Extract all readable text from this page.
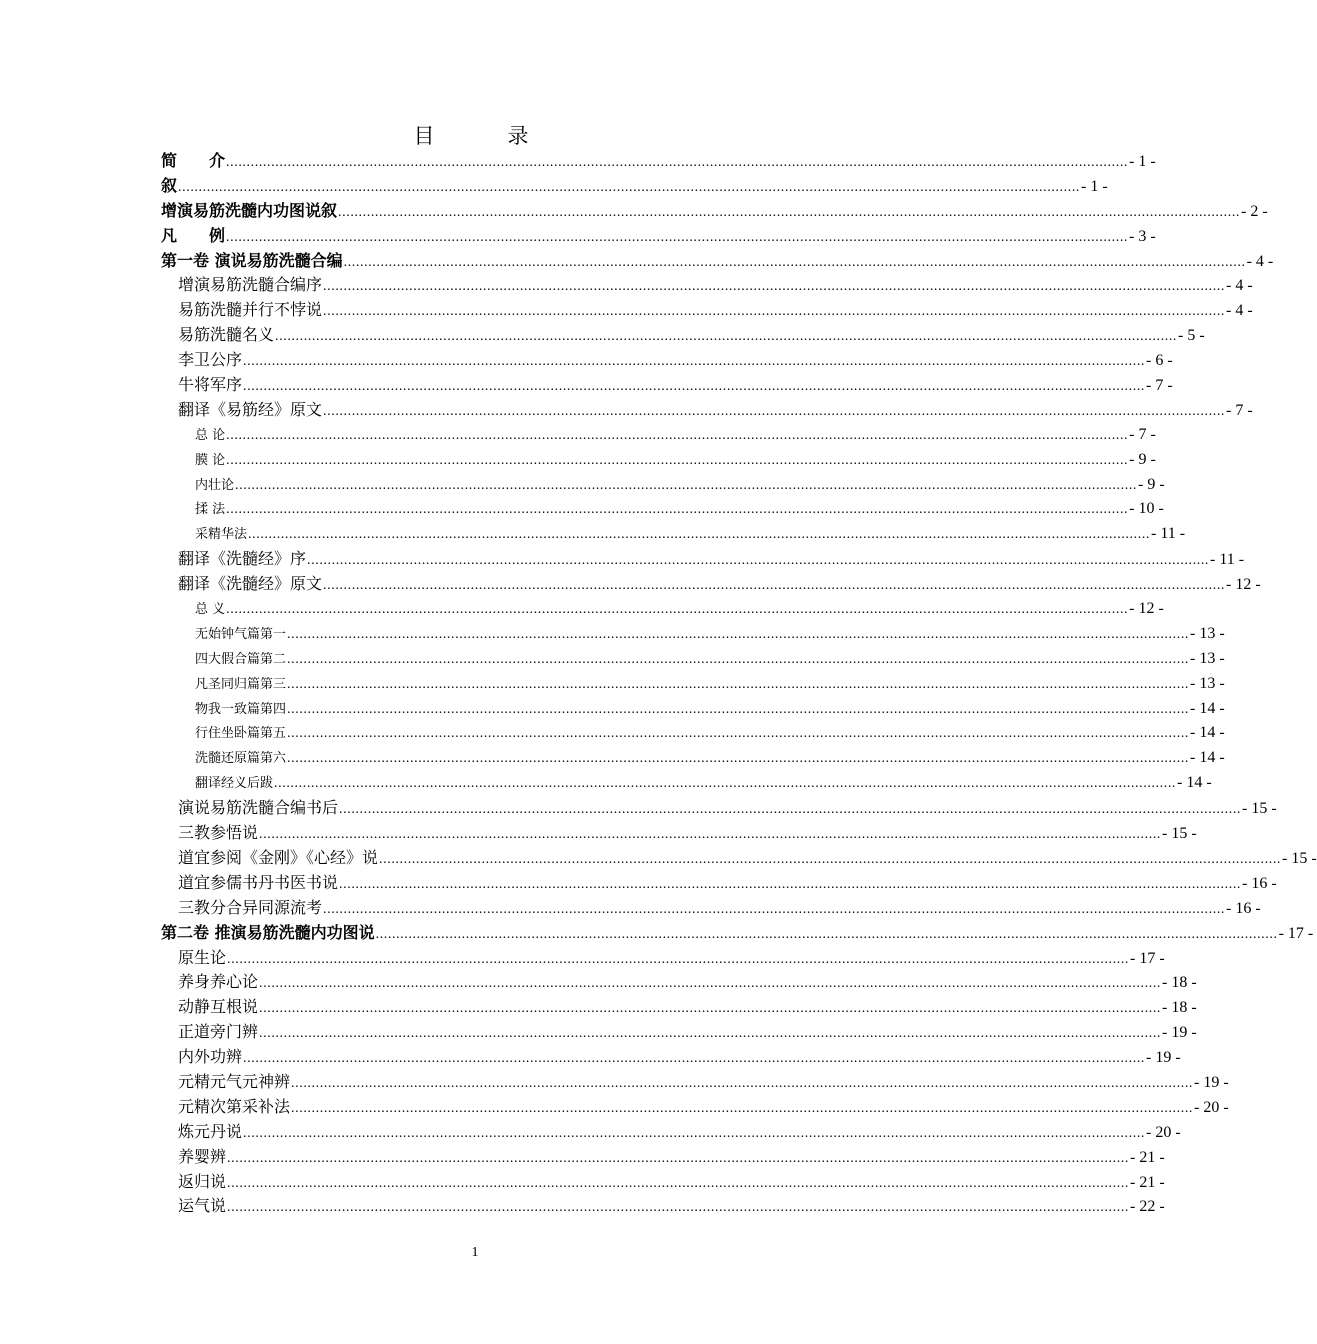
目　录
简　　介 ............................................................................................................................................................................................................................ - 1 -
叙 ............................................................................................................................................................................................................................ - 1 -
增演易筋洗髓内功图说叙 ............................................................................................................................................................................................................................ - 2 -
凡　　例 ............................................................................................................................................................................................................................ - 3 -
第一卷 演说易筋洗髓合编 ............................................................................................................................................................................................................................ - 4 -
增演易筋洗髓合编序 ............................................................................................................................................................................................................................ - 4 -
易筋洗髓并行不悖说 ............................................................................................................................................................................................................................ - 4 -
易筋洗髓名义 ............................................................................................................................................................................................................................ - 5 -
李卫公序 ............................................................................................................................................................................................................................ - 6 -
牛将军序 ............................................................................................................................................................................................................................ - 7 -
翻译《易筋经》原文 ............................................................................................................................................................................................................................ - 7 -
总 论 ............................................................................................................................................................................................................................ - 7 -
膜 论 ............................................................................................................................................................................................................................ - 9 -
内壮论 ............................................................................................................................................................................................................................ - 9 -
揉 法 ............................................................................................................................................................................................................................ - 10 -
采精华法 ............................................................................................................................................................................................................................ - 11 -
翻译《洗髓经》序 ............................................................................................................................................................................................................................ - 11 -
翻译《洗髓经》原文 ............................................................................................................................................................................................................................ - 12 -
总 义 ............................................................................................................................................................................................................................ - 12 -
无始钟气篇第一 ............................................................................................................................................................................................................................ - 13 -
四大假合篇第二 ............................................................................................................................................................................................................................ - 13 -
凡圣同归篇第三 ............................................................................................................................................................................................................................ - 13 -
物我一致篇第四 ............................................................................................................................................................................................................................ - 14 -
行住坐卧篇第五 ............................................................................................................................................................................................................................ - 14 -
洗髓还原篇第六 ............................................................................................................................................................................................................................ - 14 -
翻译经义后跋 ............................................................................................................................................................................................................................ - 14 -
演说易筋洗髓合编书后 ............................................................................................................................................................................................................................ - 15 -
三教参悟说 ............................................................................................................................................................................................................................ - 15 -
道宜参阅《金刚》《心经》说 ............................................................................................................................................................................................................................ - 15 -
道宜参儒书丹书医书说 ............................................................................................................................................................................................................................ - 16 -
三教分合异同源流考 ............................................................................................................................................................................................................................ - 16 -
第二卷 推演易筋洗髓内功图说 ............................................................................................................................................................................................................................ - 17 -
原生论 ............................................................................................................................................................................................................................ - 17 -
养身养心论 ............................................................................................................................................................................................................................ - 18 -
动静互根说 ............................................................................................................................................................................................................................ - 18 -
正道旁门辨 ............................................................................................................................................................................................................................ - 19 -
内外功辨 ............................................................................................................................................................................................................................ - 19 -
元精元气元神辨 ............................................................................................................................................................................................................................ - 19 -
元精次第采补法 ............................................................................................................................................................................................................................ - 20 -
炼元丹说 ............................................................................................................................................................................................................................ - 20 -
养婴辨 ............................................................................................................................................................................................................................ - 21 -
返归说 ............................................................................................................................................................................................................................ - 21 -
运气说 ............................................................................................................................................................................................................................ - 22 -
1
